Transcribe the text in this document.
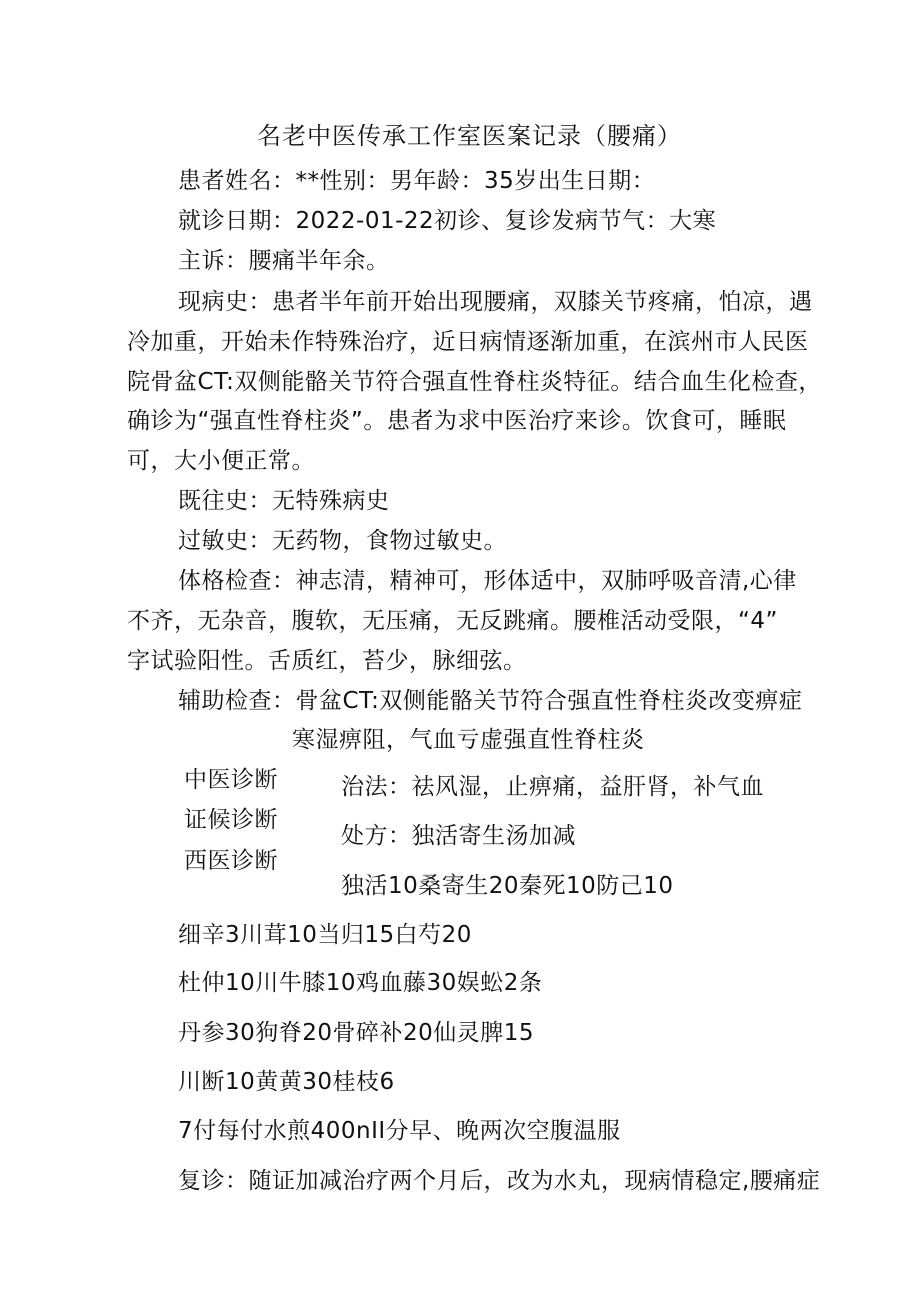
名老中医传承工作室医案记录（腰痛）
患者姓名：**性别：男年龄：35岁出生日期：
就诊日期：2022-01-22初诊、复诊发病节气：大寒
主诉：腰痛半年余。
现病史：患者半年前开始出现腰痛，双膝关节疼痛，怕凉，遇
冷加重，开始未作特殊治疗，近日病情逐渐加重，在滨州市人民医
院骨盆CT:双侧能骼关节符合强直性脊柱炎特征。结合血生化检查，
确诊为“强直性脊柱炎”。患者为求中医治疗来诊。饮食可，睡眠
可，大小便正常。
既往史：无特殊病史
过敏史：无药物，食物过敏史。
体格检查：神志清，精神可，形体适中，双肺呼吸音清,心律
不齐，无杂音，腹软，无压痛，无反跳痛。腰椎活动受限，“4”
字试验阳性。舌质红，苔少，脉细弦。
辅助检查：骨盆CT:双侧能骼关节符合强直性脊柱炎改变痹症
寒湿痹阻，气血亏虚强直性脊柱炎
中医诊断
证候诊断
西医诊断
治法：祛风湿，止痹痛，益肝肾，补气血
处方：独活寄生汤加减
独活10桑寄生20秦死10防己10
细辛3川茸10当归15白芍20
杜仲10川牛膝10鸡血藤30娱蚣2条
丹参30狗脊20骨碎补20仙灵脾15
川断10黄黄30桂枝6
7付每付水煎400nII分早、晚两次空腹温服
复诊：随证加减治疗两个月后，改为水丸，现病情稳定,腰痛症
